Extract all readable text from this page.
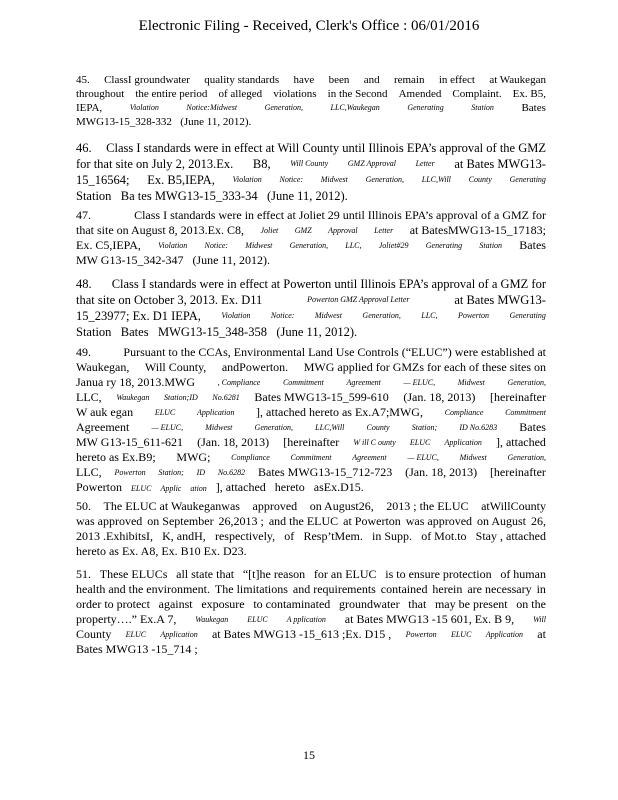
Electronic Filing - Received, Clerk's Office : 06/01/2016
45. ClassI groundwater quality standards have been and remain in effect at Waukegan
throughout the entire period of alleged violations in the Second Amended Complaint. Ex. B5,
IEPA,	Violation	Notice:Midwest	Generation,	LLC,Waukegan	Generating	Station	Bates
MWG13-15_328-332 (June 11, 2012).
46. Class I standards were in effect at Will County until Illinois EPA’s approval of the GMZ
for that site on July 2, 2013.Ex. B8, Will County GMZ Approval Letter at Bates MWG13-
15_16564; Ex. B5,IEPA, Violation Notice: Midwest Generation, LLC,Will County Generating
Station Ba tes MWG13-15_333-34 (June 11, 2012).
47.	Class I standards were in effect at Joliet 29 until Illinois EPA’s approval of a GMZ for
that site on August 8, 2013.Ex. C8, Joliet GMZ Approval Letter at BatesMWG13-15_17183;
Ex. C5,IEPA, Violation Notice: Midwest Generation, LLC, Joliet#29 Generating Station Bates
MW G13-15_342-347 (June 11, 2012).
48. Class I standards were in effect at Powerton until Illinois EPA’s approval of a GMZ for
that site on October 3, 2013. Ex. D11	Powerton GMZ Approval Letter	at Bates MWG13-
15_23977; Ex. D1 IEPA,	Violation	Notice:	Midwest	Generation,	LLC,	Powerton	Generating
Station Bates MWG13-15_348-358 (June 11, 2012).
49.	Pursuant to the CCAs, Environmental Land Use Controls (“ELUC”) were established at
Waukegan, Will County, andPowerton. MWG applied for GMZs for each of these sites on
Janua ry 18, 2013.MWG	, Compliance	Commitment	Agreement	— ELUC,	Midwest	Generation,
LLC, Waukegan Station;ID No.6281 Bates MWG13-15_599-610 (Jan. 18, 2013) [hereinafter
W auk egan	ELUC	Application ], attached hereto as Ex.A7;MWG,	Compliance	Commitment
Agreement	— ELUC,	Midwest	Generation,	LLC,Will	County	Station;	ID No.6283 Bates
MW G13-15_611-621 (Jan. 18, 2013) [hereinafter W ill C ounty ELUC Application ], attached
hereto as Ex.B9; MWG;	Compliance	Commitment	Agreement	— ELUC,	Midwest	Generation,
LLC, Powerton Station; ID No.6282 Bates MWG13-15_712-723 (Jan. 18, 2013) [hereinafter
Powerton ELUC Applic ation ], attached hereto asEx.D15.
50. The ELUC at Waukeganwas approved on August26, 2013 ; the ELUC atWillCounty
was approved on September 26,2013 ; and the ELUC at Powerton was approved on August 26,
2013 .ExhibitsI, K, andH, respectively, of Resp’tMem. in Supp. of Mot.to Stay , attached
hereto as Ex. A8, Ex. B10 Ex. D23.
51. These ELUCs all state that “[t]he reason for an ELUC is to ensure protection of human
health and the environment. The limitations and requirements contained herein are necessary in
order to protect against exposure to contaminated groundwater that may be present on the
property….” Ex.A 7, Waukegan ELUC A pplication at Bates MWG13 -15 601, Ex. B 9, Will
County ELUC Application at Bates MWG13 -15_613 ;Ex. D15 , Powerton ELUC Application at
Bates MWG13 -15_714 ;
15
